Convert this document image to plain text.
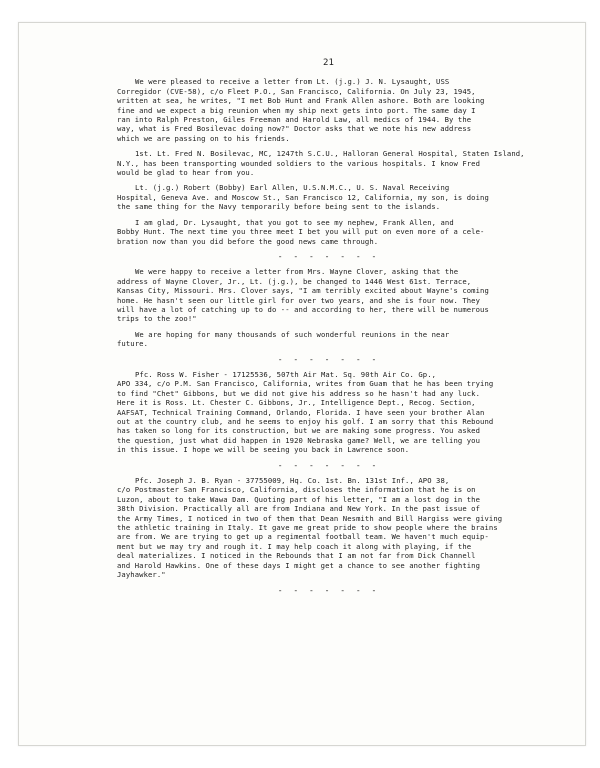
21
We were pleased to receive a letter from Lt. (j.g.) J. N. Lysaught, USS
Corregidor (CVE-58), c/o Fleet P.O., San Francisco, California. On July 23, 1945,
written at sea, he writes, "I met Bob Hunt and Frank Allen ashore. Both are looking
fine and we expect a big reunion when my ship next gets into port. The same day I
ran into Ralph Preston, Giles Freeman and Harold Law, all medics of 1944. By the
way, what is Fred Bosilevac doing now?" Doctor asks that we note his new address
which we are passing on to his friends.
1st. Lt. Fred N. Bosilevac, MC, 1247th S.C.U., Halloran General Hospital, Staten Island,
N.Y., has been transporting wounded soldiers to the various hospitals. I know Fred
would be glad to hear from you.
Lt. (j.g.) Robert (Bobby) Earl Allen, U.S.N.M.C., U. S. Naval Receiving
Hospital, Geneva Ave. and Moscow St., San Francisco 12, California, my son, is doing
the same thing for the Navy temporarily before being sent to the islands.
I am glad, Dr. Lysaught, that you got to see my nephew, Frank Allen, and
Bobby Hunt. The next time you three meet I bet you will put on even more of a cele-
bration now than you did before the good news came through.
- - - - - - -
We were happy to receive a letter from Mrs. Wayne Clover, asking that the
address of Wayne Clover, Jr., Lt. (j.g.), be changed to 1446 West 61st. Terrace,
Kansas City, Missouri. Mrs. Clover says, "I am terribly excited about Wayne's coming
home. He hasn't seen our little girl for over two years, and she is four now. They
will have a lot of catching up to do -- and according to her, there will be numerous
trips to the zoo!"
We are hoping for many thousands of such wonderful reunions in the near
future.
- - - - - - -
Pfc. Ross W. Fisher - 17125536, 507th Air Mat. Sq. 90th Air Co. Gp.,
APO 334, c/o P.M. San Francisco, California, writes from Guam that he has been trying
to find "Chet" Gibbons, but we did not give his address so he hasn't had any luck.
Here it is Ross. Lt. Chester C. Gibbons, Jr., Intelligence Dept., Recog. Section,
AAFSAT, Technical Training Command, Orlando, Florida. I have seen your brother Alan
out at the country club, and he seems to enjoy his golf. I am sorry that this Rebound
has taken so long for its construction, but we are making some progress. You asked
the question, just what did happen in 1920 Nebraska game? Well, we are telling you
in this issue. I hope we will be seeing you back in Lawrence soon.
- - - - - - -
Pfc. Joseph J. B. Ryan - 37755009, Hq. Co. 1st. Bn. 131st Inf., APO 38,
c/o Postmaster San Francisco, California, discloses the information that he is on
Luzon, about to take Wawa Dam. Quoting part of his letter, "I am a lost dog in the
38th Division. Practically all are from Indiana and New York. In the past issue of
the Army Times, I noticed in two of them that Dean Nesmith and Bill Hargiss were giving
the athletic training in Italy. It gave me great pride to show people where the brains
are from. We are trying to get up a regimental football team. We haven't much equip-
ment but we may try and rough it. I may help coach it along with playing, if the
deal materializes. I noticed in the Rebounds that I am not far from Dick Channell
and Harold Hawkins. One of these days I might get a chance to see another fighting
Jayhawker."
- - - - - - -
